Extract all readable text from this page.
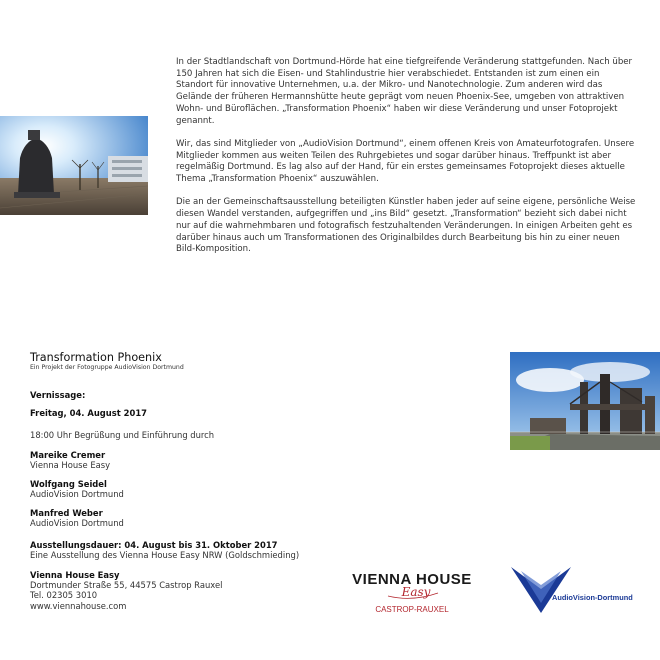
In der Stadtlandschaft von Dortmund-Hörde hat eine tiefgreifende Veränderung stattgefunden. Nach über 150 Jahren hat sich die Eisen- und Stahlindustrie hier verabschiedet. Entstanden ist zum einen ein Standort für innovative Unternehmen, u.a. der Mikro- und Nanotechnologie. Zum anderen wird das Gelände der früheren Hermannshütte heute geprägt vom neuen Phoenix-See, umgeben von attraktiven Wohn- und Büroflächen. „Transformation Phoenix“ haben wir diese Veränderung und unser Fotoprojekt genannt.

Wir, das sind Mitglieder von „AudioVision Dortmund“, einem offenen Kreis von Amateurfotografen. Unsere Mitglieder kommen aus weiten Teilen des Ruhrgebietes und sogar darüber hinaus. Treffpunkt ist aber regelmäßig Dortmund. Es lag also auf der Hand, für ein erstes gemeinsames Fotoprojekt dieses aktuelle Thema „Transformation Phoenix“ auszuwählen.

Die an der Gemeinschaftsausstellung beteiligten Künstler haben jeder auf seine eigene, persönliche Weise diesen Wandel verstanden, aufgegriffen und „ins Bild“ gesetzt. „Transformation“ bezieht sich dabei nicht nur auf die wahrnehmbaren und fotografisch festzuhaltenden Veränderungen. In einigen Arbeiten geht es darüber hinaus auch um Transformationen des Originalbildes durch Bearbeitung bis hin zu einer neuen Bild-Komposition.

Transformation Phoenix
Ein Projekt der Fotogruppe AudioVision Dortmund
Vernissage:
Freitag, 04. August 2017
18:00 Uhr Begrüßung und Einführung durch
Mareike Cremer
Vienna House Easy
Wolfgang Seidel
AudioVision Dortmund
Manfred Weber
AudioVision Dortmund
Ausstellungsdauer: 04. August bis 31. Oktober 2017
Eine Ausstellung des Vienna House Easy NRW (Goldschmieding)
Vienna House Easy
Dortmunder Straße 55, 44575 Castrop Rauxel
Tel. 02305 3010
www.viennahouse.com
VIENNA HOUSE
Easy
CASTROP-RAUXEL
AudioVision-Dortmund
